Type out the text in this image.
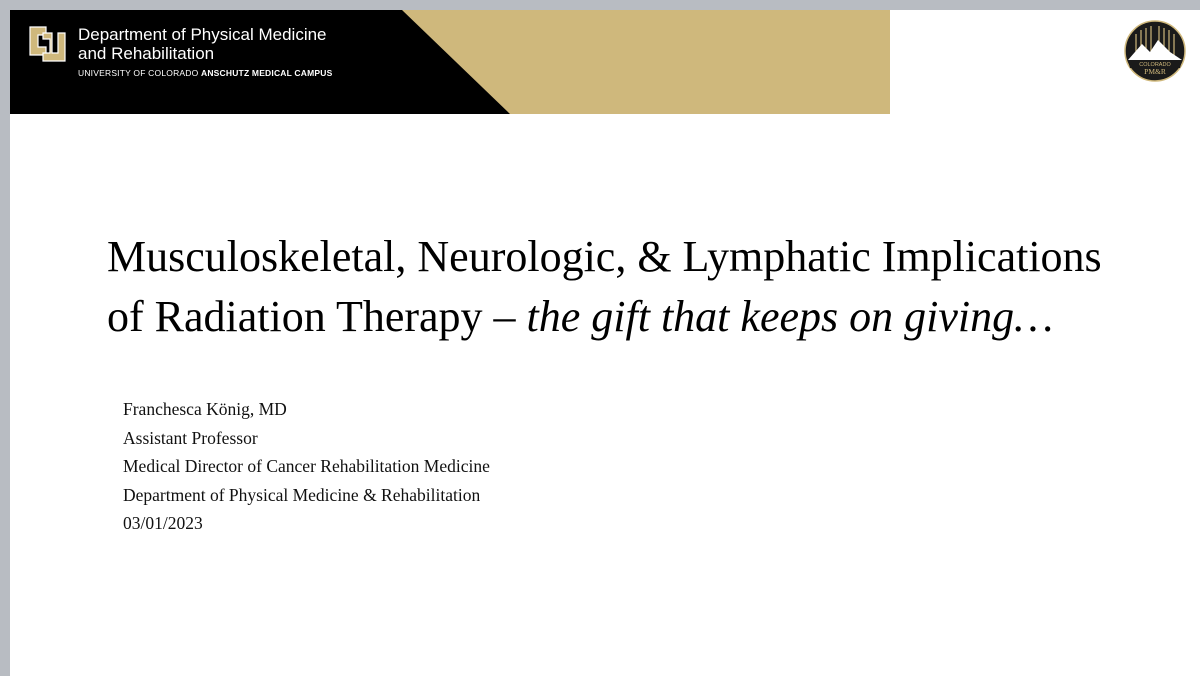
Department of Physical Medicine
and Rehabilitation
UNIVERSITY OF COLORADO ANSCHUTZ MEDICAL CAMPUS
COLORADO
PM&R
Musculoskeletal, Neurologic, & Lymphatic Implications of Radiation Therapy – the gift that keeps on giving…
Franchesca König, MD
Assistant Professor
Medical Director of Cancer Rehabilitation Medicine
Department of Physical Medicine & Rehabilitation
03/01/2023
